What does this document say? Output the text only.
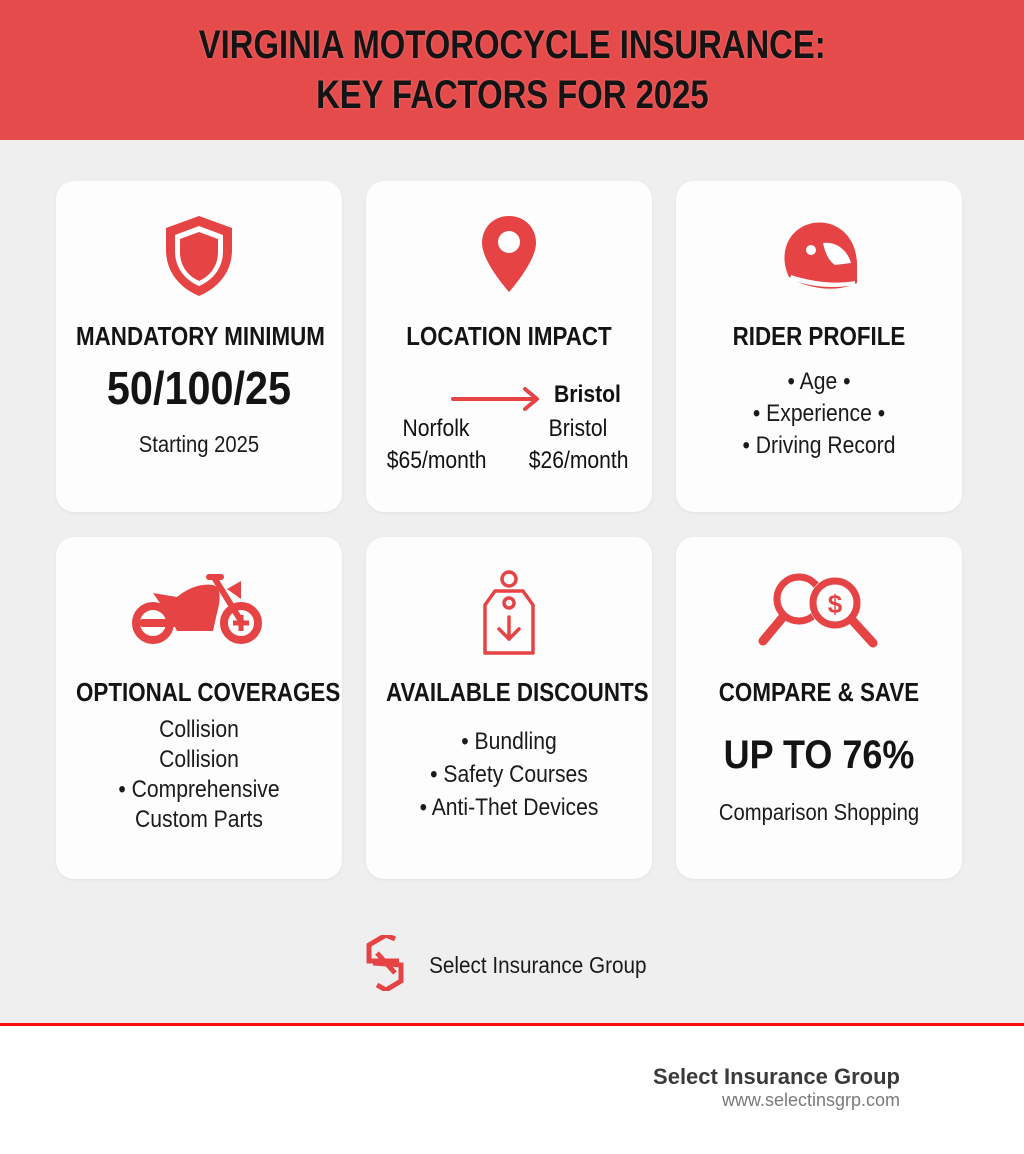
VIRGINIA MOTOROCYCLE INSURANCE:
KEY FACTORS FOR 2025
MANDATORY MINIMUM
50/100/25
Starting 2025
LOCATION IMPACT
Bristol
Norfolk
$65/month
Bristol
$26/month
RIDER PROFILE
• Age •
• Experience •
• Driving Record
OPTIONAL COVERAGES
Collision
Collision
• Comprehensive
Custom Parts
AVAILABLE DISCOUNTS
• Bundling
• Safety Courses
• Anti-Thet Devices
$
COMPARE & SAVE
UP TO 76%
Comparison Shopping
Select Insurance Group
Select Insurance Group
www.selectinsgrp.com
